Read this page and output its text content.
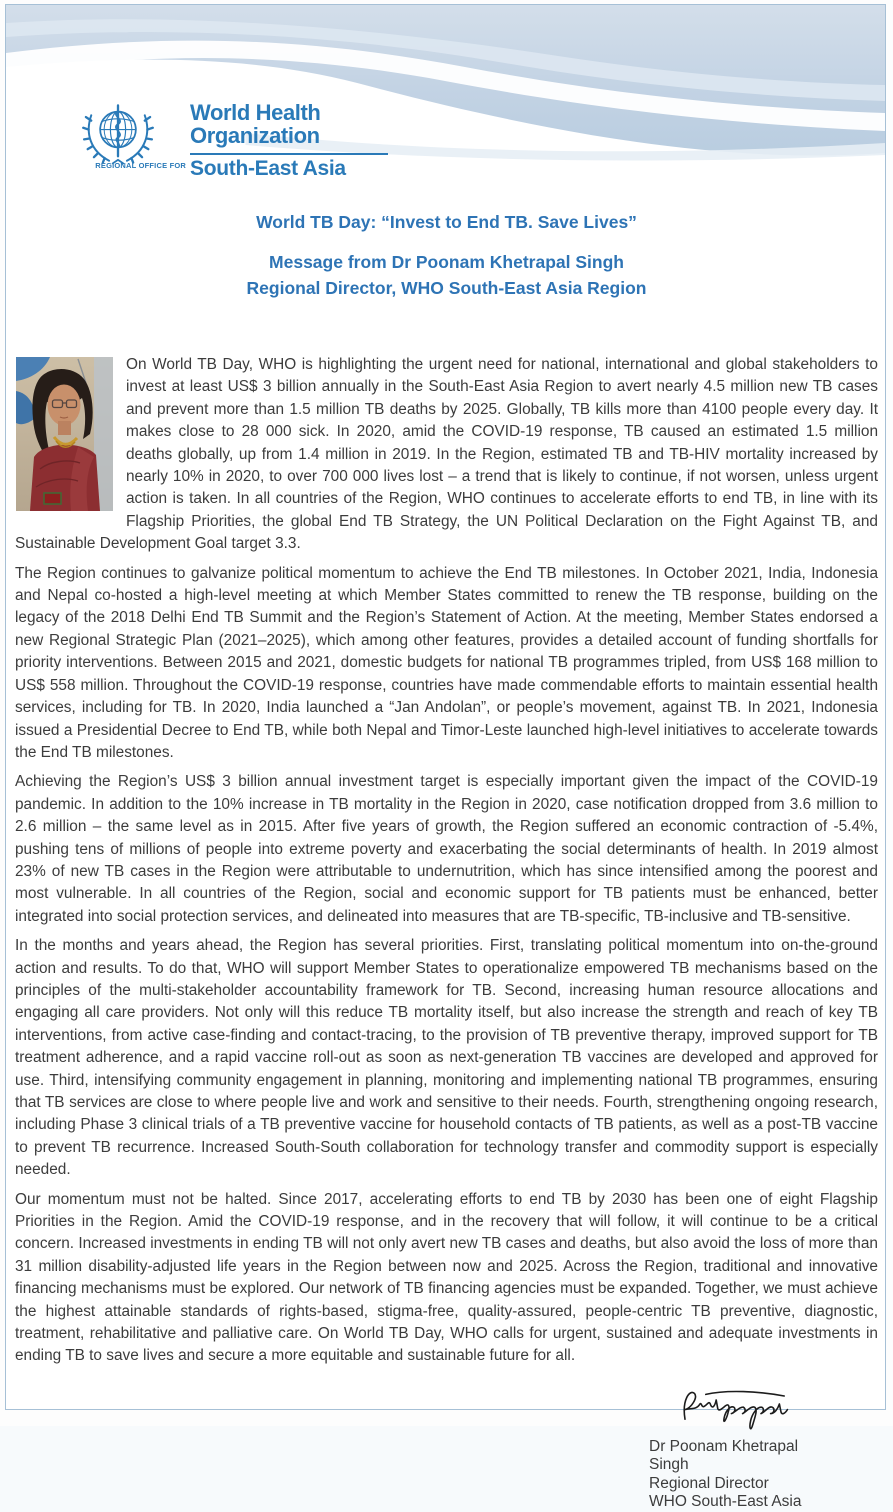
World Health
Organization
REGIONAL OFFICE FOR South-East Asia
World TB Day: “Invest to End TB. Save Lives”
Message from Dr Poonam Khetrapal Singh
Regional Director, WHO South-East Asia Region

On World TB Day, WHO is highlighting the urgent need for national, international and global stakeholders to invest at least US$ 3 billion annually in the South-East Asia Region to avert nearly 4.5 million new TB cases and prevent more than 1.5 million TB deaths by 2025. Globally, TB kills more than 4100 people every day. It makes close to 28 000 sick. In 2020, amid the COVID-19 response, TB caused an estimated 1.5 million deaths globally, up from 1.4 million in 2019. In the Region, estimated TB and TB-HIV mortality increased by nearly 10% in 2020, to over 700 000 lives lost – a trend that is likely to continue, if not worsen, unless urgent action is taken. In all countries of the Region, WHO continues to accelerate efforts to end TB, in line with its Flagship Priorities, the global End TB Strategy, the UN Political Declaration on the Fight Against TB, and Sustainable Development Goal target 3.3.

The Region continues to galvanize political momentum to achieve the End TB milestones. In October 2021, India, Indonesia and Nepal co-hosted a high-level meeting at which Member States committed to renew the TB response, building on the legacy of the 2018 Delhi End TB Summit and the Region’s Statement of Action. At the meeting, Member States endorsed a new Regional Strategic Plan (2021–2025), which among other features, provides a detailed account of funding shortfalls for priority interventions. Between 2015 and 2021, domestic budgets for national TB programmes tripled, from US$ 168 million to US$ 558 million. Throughout the COVID-19 response, countries have made commendable efforts to maintain essential health services, including for TB. In 2020, India launched a “Jan Andolan”, or people’s movement, against TB. In 2021, Indonesia issued a Presidential Decree to End TB, while both Nepal and Timor-Leste launched high-level initiatives to accelerate towards the End TB milestones.

Achieving the Region’s US$ 3 billion annual investment target is especially important given the impact of the COVID-19 pandemic. In addition to the 10% increase in TB mortality in the Region in 2020, case notification dropped from 3.6 million to 2.6 million – the same level as in 2015. After five years of growth, the Region suffered an economic contraction of -5.4%, pushing tens of millions of people into extreme poverty and exacerbating the social determinants of health. In 2019 almost 23% of new TB cases in the Region were attributable to undernutrition, which has since intensified among the poorest and most vulnerable. In all countries of the Region, social and economic support for TB patients must be enhanced, better integrated into social protection services, and delineated into measures that are TB-specific, TB-inclusive and TB-sensitive.

In the months and years ahead, the Region has several priorities. First, translating political momentum into on-the-ground action and results. To do that, WHO will support Member States to operationalize empowered TB mechanisms based on the principles of the multi-stakeholder accountability framework for TB. Second, increasing human resource allocations and engaging all care providers. Not only will this reduce TB mortality itself, but also increase the strength and reach of key TB interventions, from active case-finding and contact-tracing, to the provision of TB preventive therapy, improved support for TB treatment adherence, and a rapid vaccine roll-out as soon as next-generation TB vaccines are developed and approved for use. Third, intensifying community engagement in planning, monitoring and implementing national TB programmes, ensuring that TB services are close to where people live and work and sensitive to their needs. Fourth, strengthening ongoing research, including Phase 3 clinical trials of a TB preventive vaccine for household contacts of TB patients, as well as a post-TB vaccine to prevent TB recurrence. Increased South-South collaboration for technology transfer and commodity support is especially needed.

Our momentum must not be halted. Since 2017, accelerating efforts to end TB by 2030 has been one of eight Flagship Priorities in the Region. Amid the COVID-19 response, and in the recovery that will follow, it will continue to be a critical concern. Increased investments in ending TB will not only avert new TB cases and deaths, but also avoid the loss of more than 31 million disability-adjusted life years in the Region between now and 2025. Across the Region, traditional and innovative financing mechanisms must be explored. Our network of TB financing agencies must be expanded. Together, we must achieve the highest attainable standards of rights-based, stigma-free, quality-assured, people-centric TB preventive, diagnostic, treatment, rehabilitative and palliative care. On World TB Day, WHO calls for urgent, sustained and adequate investments in ending TB to save lives and secure a more equitable and sustainable future for all.

Dr Poonam Khetrapal Singh
Regional Director
WHO South-East Asia
